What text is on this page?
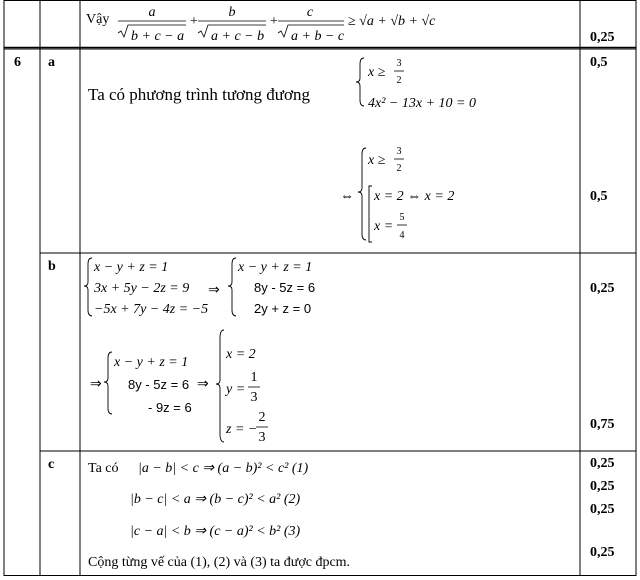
Vậy	a
b + c − a
+
b
a + c − b
+
c
a + b − c
≥ √a + √b + √c
0,25
6 a
Ta có phương trình tương đương
x ≥
3
2
4x² − 13x + 10 = 0
0,5
⇔
x ≥
3
2
x = 2 ⇔ x = 2
x =
5
4
0,5
b	x − y + z = 1
3x + 5y − 2z = 9
−5x + 7y − 4z = −5
⇒
x − y + z = 1
8y - 5z = 6
2y + z = 0
0,25
⇒
x − y + z = 1
8y - 5z = 6
- 9z = 6
⇒
x = 2
y =
1
3
z = −
2
3
0,75
c Ta có |a − b| < c ⇒ (a − b)² < c² (1)
|b − c| < a ⇒ (b − c)² < a² (2)
|c − a| < b ⇒ (c − a)² < b² (3)
Cộng từng vế của (1), (2) và (3) ta được đpcm.
0,25
0,25
0,25
0,25
